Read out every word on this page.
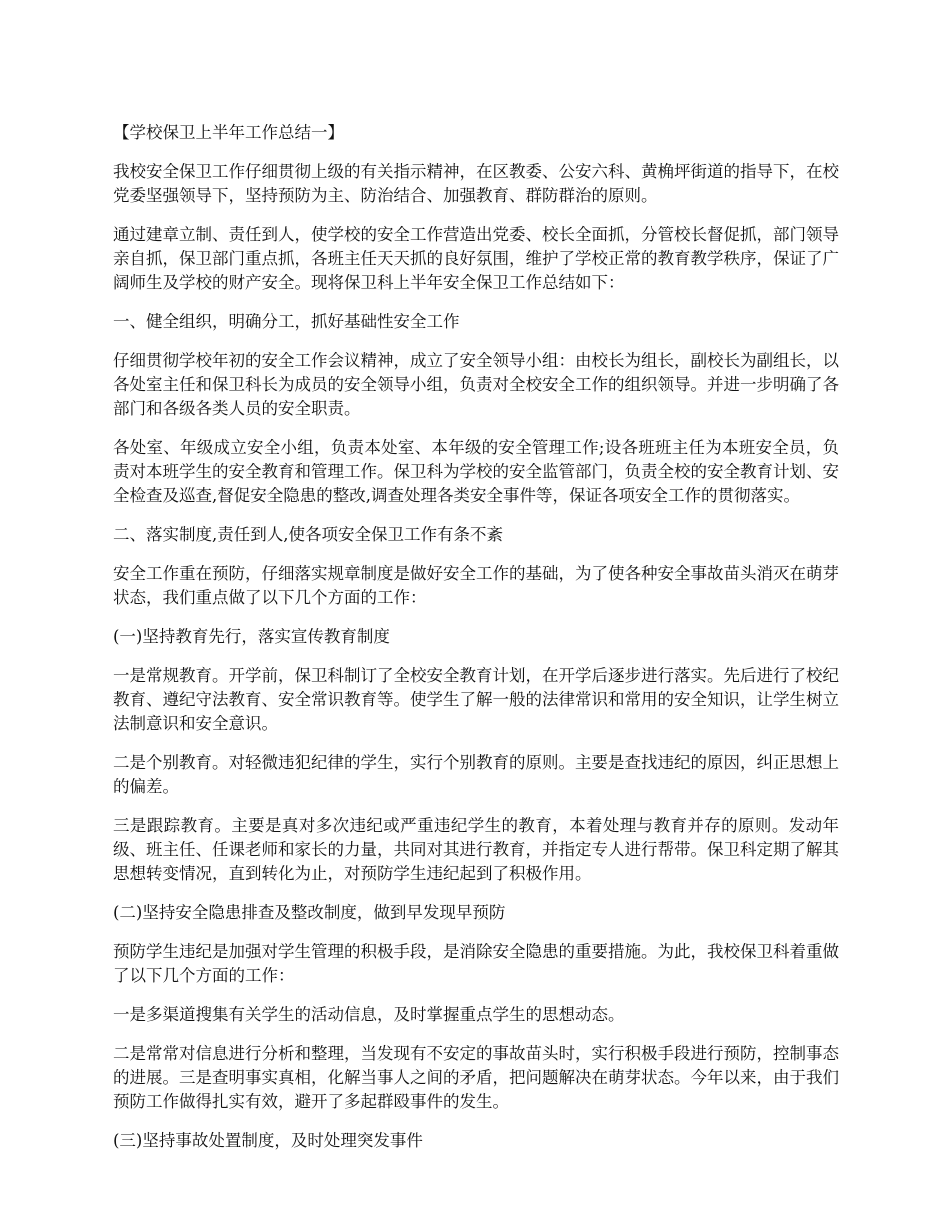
【学校保卫上半年工作总结一】

我校安全保卫工作仔细贯彻上级的有关指示精神，在区教委、公安六科、黄桷坪街道的指导下，在校党委坚强领导下，坚持预防为主、防治结合、加强教育、群防群治的原则。

通过建章立制、责任到人，使学校的安全工作营造出党委、校长全面抓，分管校长督促抓，部门领导亲自抓，保卫部门重点抓，各班主任天天抓的良好氛围，维护了学校正常的教育教学秩序，保证了广阔师生及学校的财产安全。现将保卫科上半年安全保卫工作总结如下：

一、健全组织，明确分工，抓好基础性安全工作

仔细贯彻学校年初的安全工作会议精神，成立了安全领导小组：由校长为组长，副校长为副组长，以各处室主任和保卫科长为成员的安全领导小组，负责对全校安全工作的组织领导。并进一步明确了各部门和各级各类人员的安全职责。

各处室、年级成立安全小组，负责本处室、本年级的安全管理工作;设各班班主任为本班安全员，负责对本班学生的安全教育和管理工作。保卫科为学校的安全监管部门，负责全校的安全教育计划、安全检查及巡查,督促安全隐患的整改,调查处理各类安全事件等，保证各项安全工作的贯彻落实。

二、落实制度,责任到人,使各项安全保卫工作有条不紊

安全工作重在预防，仔细落实规章制度是做好安全工作的基础，为了使各种安全事故苗头消灭在萌芽状态，我们重点做了以下几个方面的工作：

(一)坚持教育先行，落实宣传教育制度

一是常规教育。开学前，保卫科制订了全校安全教育计划，在开学后逐步进行落实。先后进行了校纪教育、遵纪守法教育、安全常识教育等。使学生了解一般的法律常识和常用的安全知识，让学生树立法制意识和安全意识。

二是个别教育。对轻微违犯纪律的学生，实行个别教育的原则。主要是查找违纪的原因，纠正思想上的偏差。

三是跟踪教育。主要是真对多次违纪或严重违纪学生的教育，本着处理与教育并存的原则。发动年级、班主任、任课老师和家长的力量，共同对其进行教育，并指定专人进行帮带。保卫科定期了解其思想转变情况，直到转化为止，对预防学生违纪起到了积极作用。

(二)坚持安全隐患排查及整改制度，做到早发现早预防

预防学生违纪是加强对学生管理的积极手段，是消除安全隐患的重要措施。为此，我校保卫科着重做了以下几个方面的工作：

一是多渠道搜集有关学生的活动信息，及时掌握重点学生的思想动态。

二是常常对信息进行分析和整理，当发现有不安定的事故苗头时，实行积极手段进行预防，控制事态的进展。三是查明事实真相，化解当事人之间的矛盾，把问题解决在萌芽状态。今年以来，由于我们预防工作做得扎实有效，避开了多起群殴事件的发生。

(三)坚持事故处置制度，及时处理突发事件
